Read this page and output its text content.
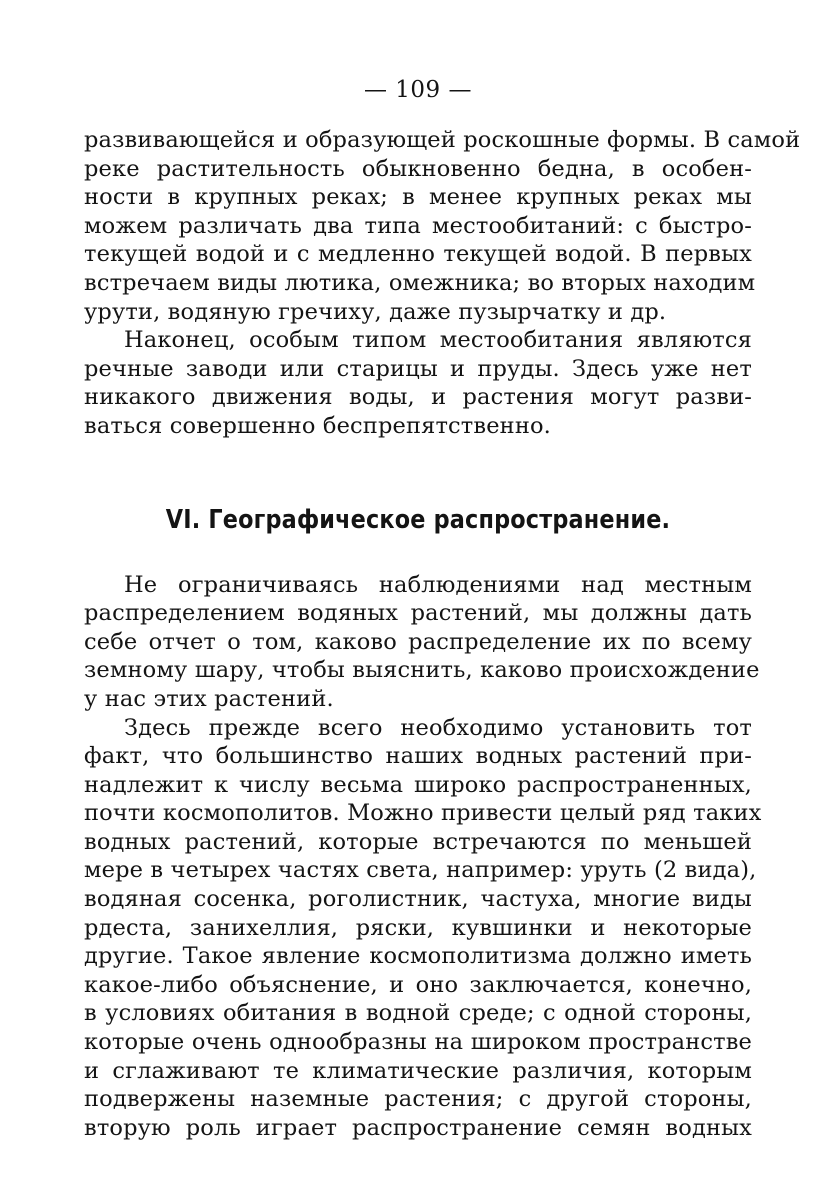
— 109 —
развивающейся и образующей роскошные формы. В самой
реке растительность обыкновенно бедна, в особен-
ности в крупных реках; в менее крупных реках мы
можем различать два типа местообитаний: с быстро-
текущей водой и с медленно текущей водой. В первых
встречаем виды лютика, омежника; во вторых находим
урути, водяную гречиху, даже пузырчатку и др.
Наконец, особым типом местообитания являются
речные заводи или старицы и пруды. Здесь уже нет
никакого движения воды, и растения могут разви-
ваться совершенно беспрепятственно.
VI. Географическое распространение.
Не ограничиваясь наблюдениями над местным
распределением водяных растений, мы должны дать
себе отчет о том, каково распределение их по всему
земному шару, чтобы выяснить, каково происхождение
у нас этих растений.
Здесь прежде всего необходимо установить тот
факт, что большинство наших водных растений при-
надлежит к числу весьма широко распространенных,
почти космополитов. Можно привести целый ряд таких
водных растений, которые встречаются по меньшей
мере в четырех частях света, например: уруть (2 вида),
водяная сосенка, роголистник, частуха, многие виды
рдеста, занихеллия, ряски, кувшинки и некоторые
другие. Такое явление космополитизма должно иметь
какое-либо объяснение, и оно заключается, конечно,
в условиях обитания в водной среде; с одной стороны,
которые очень однообразны на широком пространстве
и сглаживают те климатические различия, которым
подвержены наземные растения; с другой стороны,
вторую роль играет распространение семян водных
